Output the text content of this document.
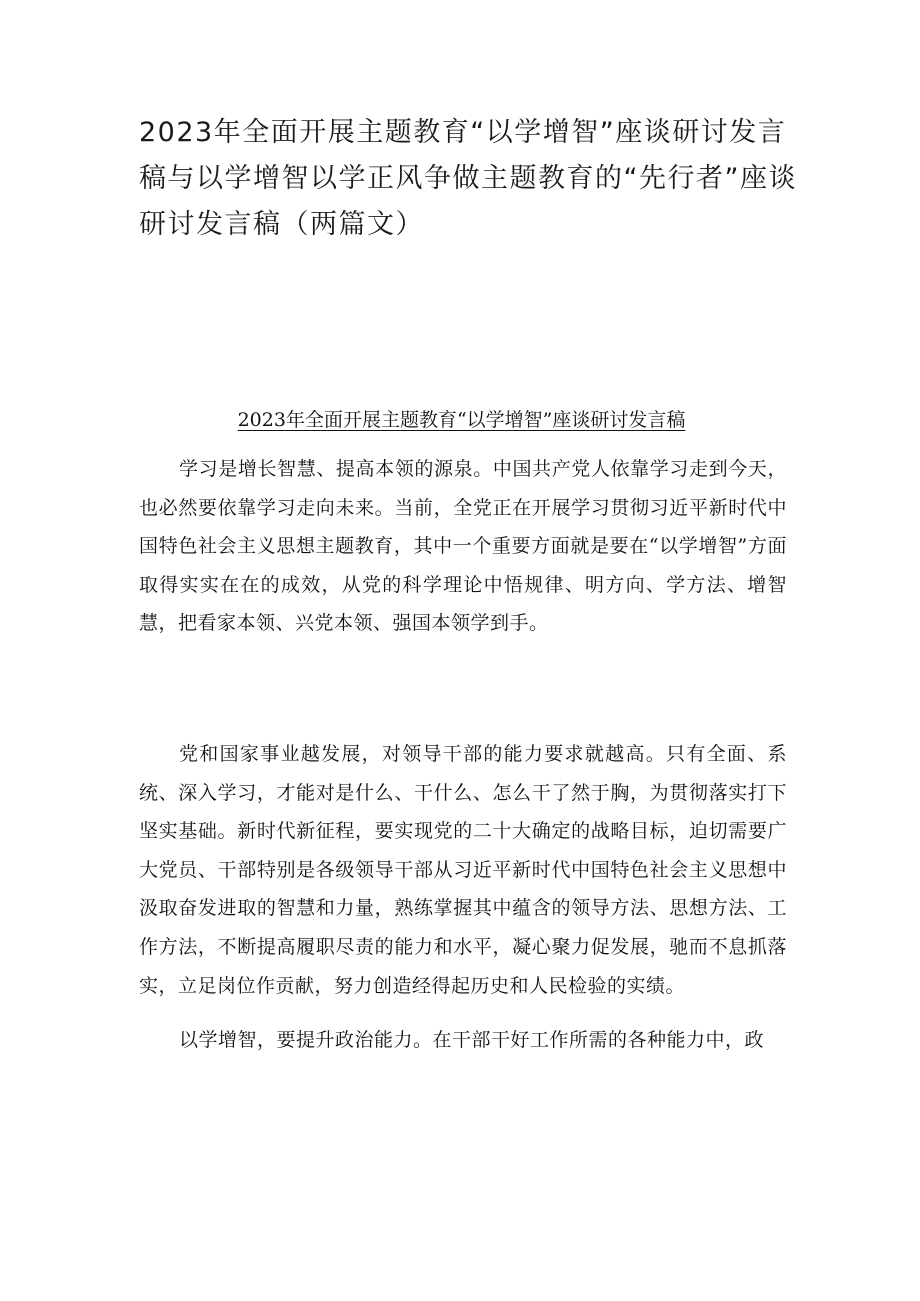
2023年全面开展主题教育“以学增智”座谈研讨发言稿与以学增智以学正风争做主题教育的“先行者”座谈研讨发言稿（两篇文）
2023年全面开展主题教育“以学增智”座谈研讨发言稿

学习是增长智慧、提高本领的源泉。中国共产党人依靠学习走到今天，也必然要依靠学习走向未来。当前，全党正在开展学习贯彻习近平新时代中国特色社会主义思想主题教育，其中一个重要方面就是要在“以学增智”方面取得实实在在的成效，从党的科学理论中悟规律、明方向、学方法、增智慧，把看家本领、兴党本领、强国本领学到手。

党和国家事业越发展，对领导干部的能力要求就越高。只有全面、系统、深入学习，才能对是什么、干什么、怎么干了然于胸，为贯彻落实打下坚实基础。新时代新征程，要实现党的二十大确定的战略目标，迫切需要广大党员、干部特别是各级领导干部从习近平新时代中国特色社会主义思想中汲取奋发进取的智慧和力量，熟练掌握其中蕴含的领导方法、思想方法、工作方法，不断提高履职尽责的能力和水平，凝心聚力促发展，驰而不息抓落实，立足岗位作贡献，努力创造经得起历史和人民检验的实绩。

以学增智，要提升政治能力。在干部干好工作所需的各种能力中，政
